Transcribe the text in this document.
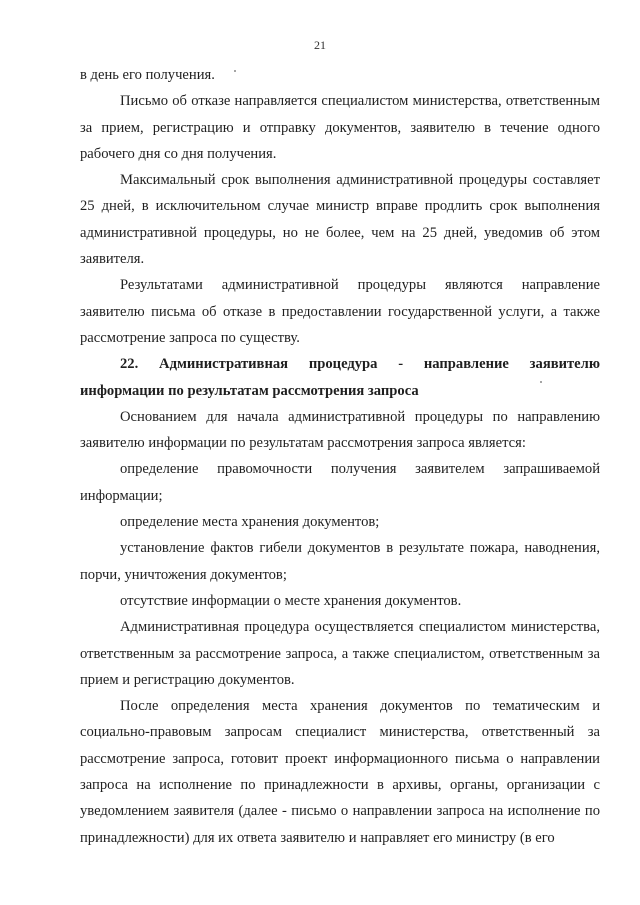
21

в день его получения.

Письмо об отказе направляется специалистом министерства, ответственным за прием, регистрацию и отправку документов, заявителю в течение одного рабочего дня со дня получения.

Максимальный срок выполнения административной процедуры составляет 25 дней, в исключительном случае министр вправе продлить срок выполнения административной процедуры, но не более, чем на 25 дней, уведомив об этом заявителя.

Результатами административной процедуры являются направление заявителю письма об отказе в предоставлении государственной услуги, а также рассмотрение запроса по существу.

22. Административная процедура - направление заявителю информации по результатам рассмотрения запроса

Основанием для начала административной процедуры по направлению заявителю информации по результатам рассмотрения запроса является:

определение правомочности получения заявителем запрашиваемой информации;

определение места хранения документов;

установление фактов гибели документов в результате пожара, наводнения, порчи, уничтожения документов;

отсутствие информации о месте хранения документов.

Административная процедура осуществляется специалистом министерства, ответственным за рассмотрение запроса, а также специалистом, ответственным за прием и регистрацию документов.

После определения места хранения документов по тематическим и социально-правовым запросам специалист министерства, ответственный за рассмотрение запроса, готовит проект информационного письма о направлении запроса на исполнение по принадлежности в архивы, органы, организации с уведомлением заявителя (далее - письмо о направлении запроса на исполнение по принадлежности) для их ответа заявителю и направляет его министру (в его
